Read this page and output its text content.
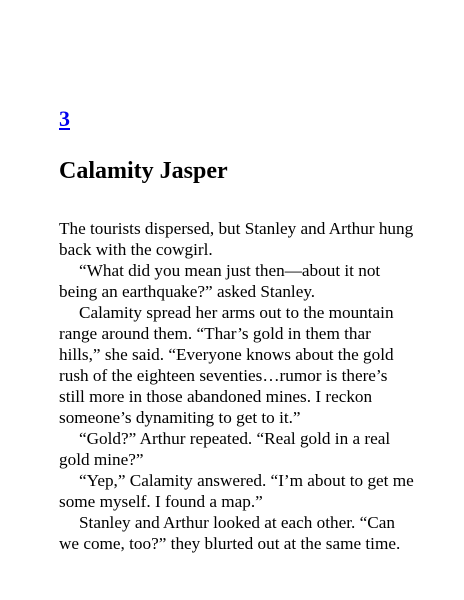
3
Calamity Jasper

The tourists dispersed, but Stanley and Arthur hung back with the cowgirl.

“What did you mean just then—about it not being an earthquake?” asked Stanley.

Calamity spread her arms out to the mountain range around them. “Thar’s gold in them thar hills,” she said. “Everyone knows about the gold rush of the eighteen seventies…rumor is there’s still more in those abandoned mines. I reckon someone’s dynamiting to get to it.”

“Gold?” Arthur repeated. “Real gold in a real gold mine?”

“Yep,” Calamity answered. “I’m about to get me some myself. I found a map.”

Stanley and Arthur looked at each other. “Can we come, too?” they blurted out at the same time.
